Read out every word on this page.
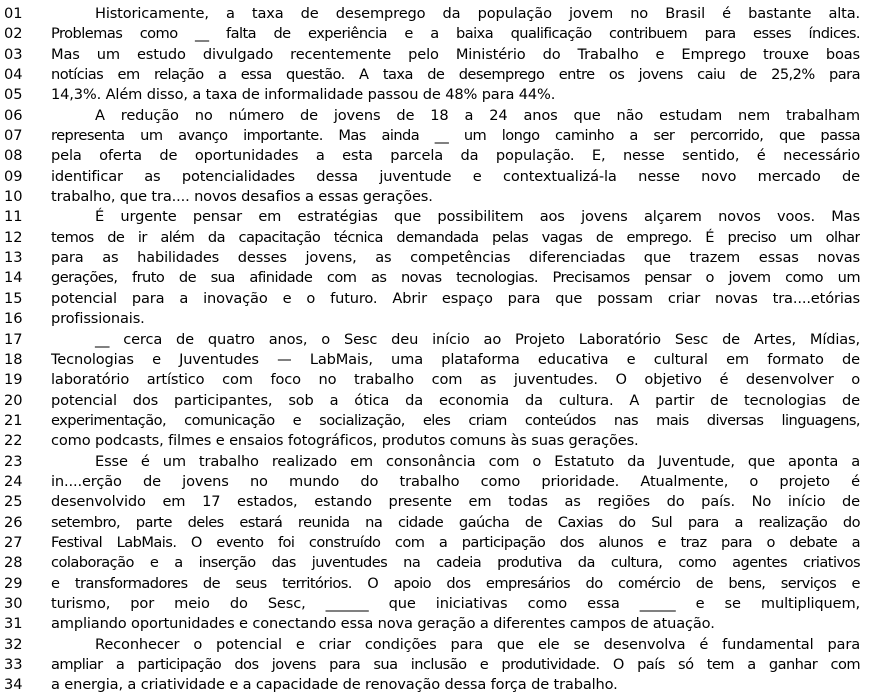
01	Historicamente, a taxa de desemprego da população jovem no Brasil é bastante alta.
02	Problemas como __ falta de experiência e a baixa qualificação contribuem para esses índices.
03	Mas um estudo divulgado recentemente pelo Ministério do Trabalho e Emprego trouxe boas
04	notícias em relação a essa questão. A taxa de desemprego entre os jovens caiu de 25,2% para
05	14,3%. Além disso, a taxa de informalidade passou de 48% para 44%.
06	A redução no número de jovens de 18 a 24 anos que não estudam nem trabalham
07	representa um avanço importante. Mas ainda __ um longo caminho a ser percorrido, que passa
08	pela oferta de oportunidades a esta parcela da população. E, nesse sentido, é necessário
09	identificar as potencialidades dessa juventude e contextualizá-la nesse novo mercado de
10	trabalho, que tra.... novos desafios a essas gerações.
11	É urgente pensar em estratégias que possibilitem aos jovens alçarem novos voos. Mas
12	temos de ir além da capacitação técnica demandada pelas vagas de emprego. É preciso um olhar
13	para as habilidades desses jovens, as competências diferenciadas que trazem essas novas
14	gerações, fruto de sua afinidade com as novas tecnologias. Precisamos pensar o jovem como um
15	potencial para a inovação e o futuro. Abrir espaço para que possam criar novas tra....etórias
16	profissionais.
17	__ cerca de quatro anos, o Sesc deu início ao Projeto Laboratório Sesc de Artes, Mídias,
18	Tecnologias e Juventudes — LabMais, uma plataforma educativa e cultural em formato de
19	laboratório artístico com foco no trabalho com as juventudes. O objetivo é desenvolver o
20	potencial dos participantes, sob a ótica da economia da cultura. A partir de tecnologias de
21	experimentação, comunicação e socialização, eles criam conteúdos nas mais diversas linguagens,
22	como podcasts, filmes e ensaios fotográficos, produtos comuns às suas gerações.
23	Esse é um trabalho realizado em consonância com o Estatuto da Juventude, que aponta a
24	in....erção de jovens no mundo do trabalho como prioridade. Atualmente, o projeto é
25	desenvolvido em 17 estados, estando presente em todas as regiões do país. No início de
26	setembro, parte deles estará reunida na cidade gaúcha de Caxias do Sul para a realização do
27	Festival LabMais. O evento foi construído com a participação dos alunos e traz para o debate a
28	colaboração e a inserção das juventudes na cadeia produtiva da cultura, como agentes criativos
29	e transformadores de seus territórios. O apoio dos empresários do comércio de bens, serviços e
30	turismo, por meio do Sesc, ______ que iniciativas como essa _____ e se multipliquem,
31	ampliando oportunidades e conectando essa nova geração a diferentes campos de atuação.
32	Reconhecer o potencial e criar condições para que ele se desenvolva é fundamental para
33	ampliar a participação dos jovens para sua inclusão e produtividade. O país só tem a ganhar com
34	a energia, a criatividade e a capacidade de renovação dessa força de trabalho.
